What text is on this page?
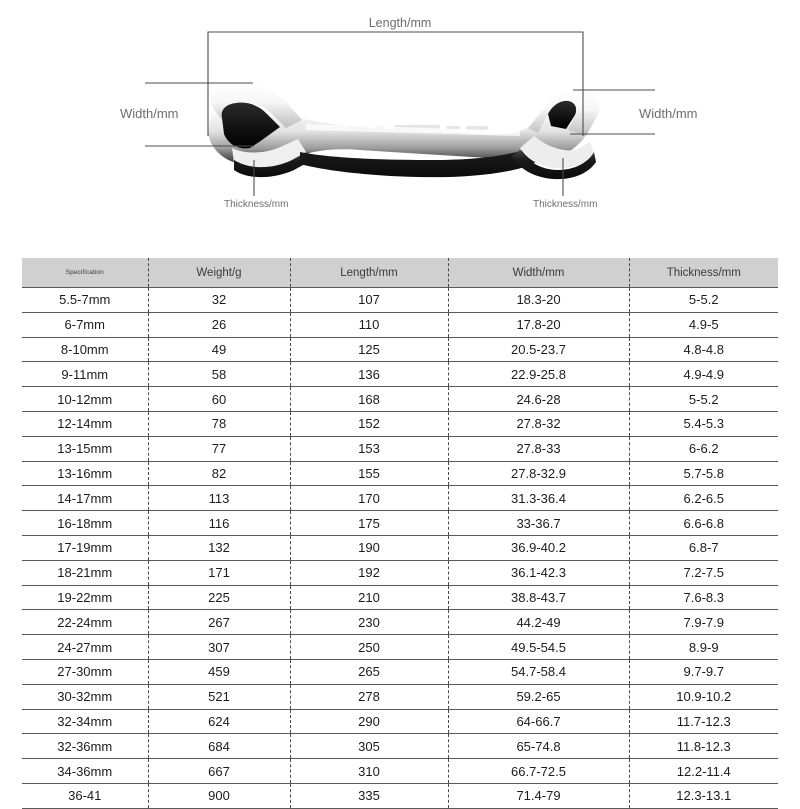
Length/mm
Width/mm	Width/mm
Thickness/mm	Thickness/mm
Specification	Weight/g	Length/mm	Width/mm	Thickness/mm
5.5-7mm	32	107	18.3-20	5-5.2
6-7mm	26	110	17.8-20	4.9-5
8-10mm	49	125	20.5-23.7	4.8-4.8
9-11mm	58	136	22.9-25.8	4.9-4.9
10-12mm	60	168	24.6-28	5-5.2
12-14mm	78	152	27.8-32	5.4-5.3
13-15mm	77	153	27.8-33	6-6.2
13-16mm	82	155	27.8-32.9	5.7-5.8
14-17mm	113	170	31.3-36.4	6.2-6.5
16-18mm	116	175	33-36.7	6.6-6.8
17-19mm	132	190	36.9-40.2	6.8-7
18-21mm	171	192	36.1-42.3	7.2-7.5
19-22mm	225	210	38.8-43.7	7.6-8.3
22-24mm	267	230	44.2-49	7.9-7.9
24-27mm	307	250	49.5-54.5	8.9-9
27-30mm	459	265	54.7-58.4	9.7-9.7
30-32mm	521	278	59.2-65	10.9-10.2
32-34mm	624	290	64-66.7	11.7-12.3
32-36mm	684	305	65-74.8	11.8-12.3
34-36mm	667	310	66.7-72.5	12.2-11.4
36-41	900	335	71.4-79	12.3-13.1
